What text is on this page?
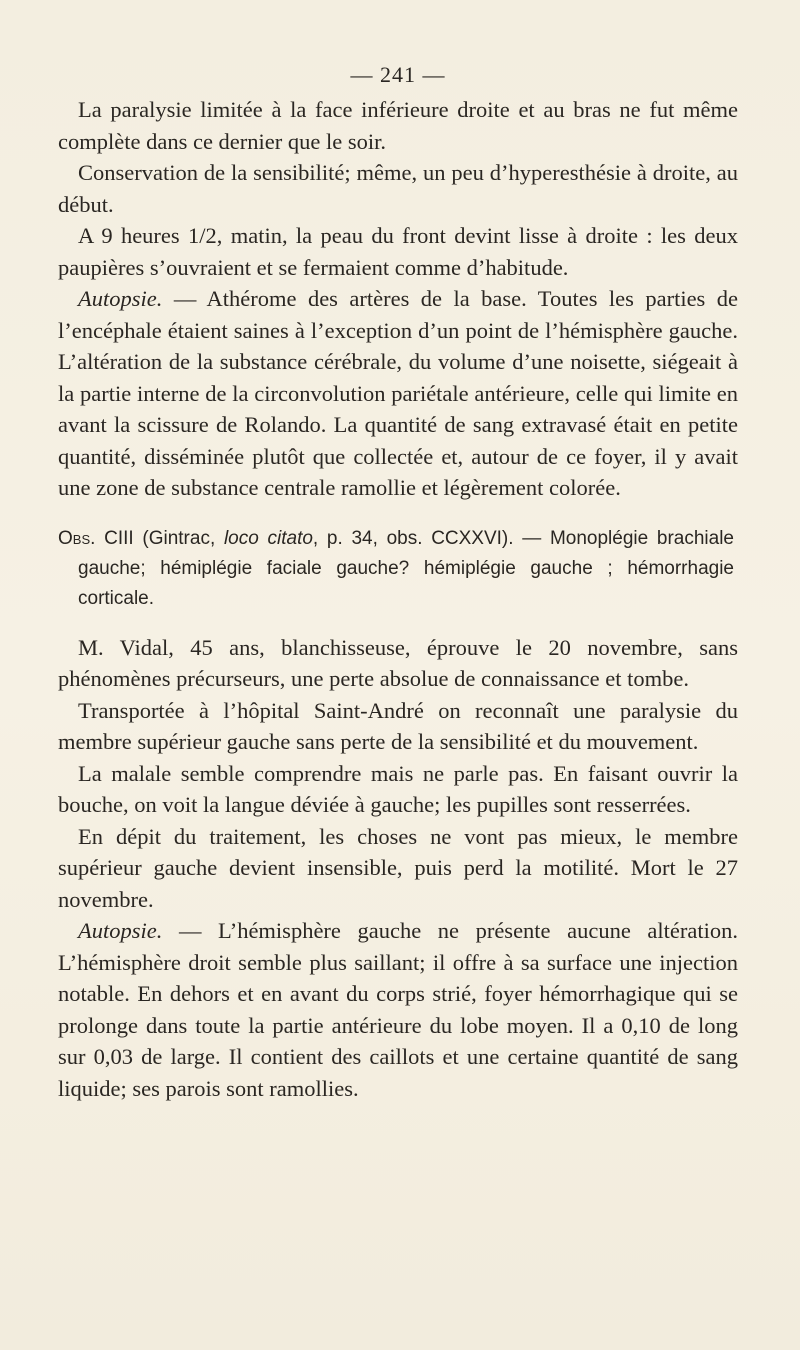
— 241 —

La paralysie limitée à la face inférieure droite et au bras ne fut même complète dans ce dernier que le soir.

Conservation de la sensibilité; même, un peu d’hyperesthésie à droite, au début.

A 9 heures 1/2, matin, la peau du front devint lisse à droite : les deux paupières s’ouvraient et se fermaient comme d’habitude.

Autopsie. — Athérome des artères de la base. Toutes les parties de l’encéphale étaient saines à l’exception d’un point de l’hémisphère gauche. L’altération de la substance cérébrale, du volume d’une noisette, siégeait à la partie interne de la circonvolution pariétale antérieure, celle qui limite en avant la scissure de Rolando. La quantité de sang extravasé était en petite quantité, disséminée plutôt que collectée et, autour de ce foyer, il y avait une zone de substance centrale ramollie et légèrement colorée.

Obs. CIII (Gintrac, loco citato, p. 34, obs. CCXXVI). — Monoplégie brachiale gauche; hémiplégie faciale gauche? hémiplégie gauche ; hémorrhagie corticale.

M. Vidal, 45 ans, blanchisseuse, éprouve le 20 novembre, sans phénomènes précurseurs, une perte absolue de connaissance et tombe.

Transportée à l’hôpital Saint-André on reconnaît une paralysie du membre supérieur gauche sans perte de la sensibilité et du mouvement.

La malale semble comprendre mais ne parle pas. En faisant ouvrir la bouche, on voit la langue déviée à gauche; les pupilles sont resserrées.

En dépit du traitement, les choses ne vont pas mieux, le membre supérieur gauche devient insensible, puis perd la motilité. Mort le 27 novembre.

Autopsie. — L’hémisphère gauche ne présente aucune altération. L’hémisphère droit semble plus saillant; il offre à sa surface une injection notable. En dehors et en avant du corps strié, foyer hémorrhagique qui se prolonge dans toute la partie antérieure du lobe moyen. Il a 0,10 de long sur 0,03 de large. Il contient des caillots et une certaine quantité de sang liquide; ses parois sont ramollies.
